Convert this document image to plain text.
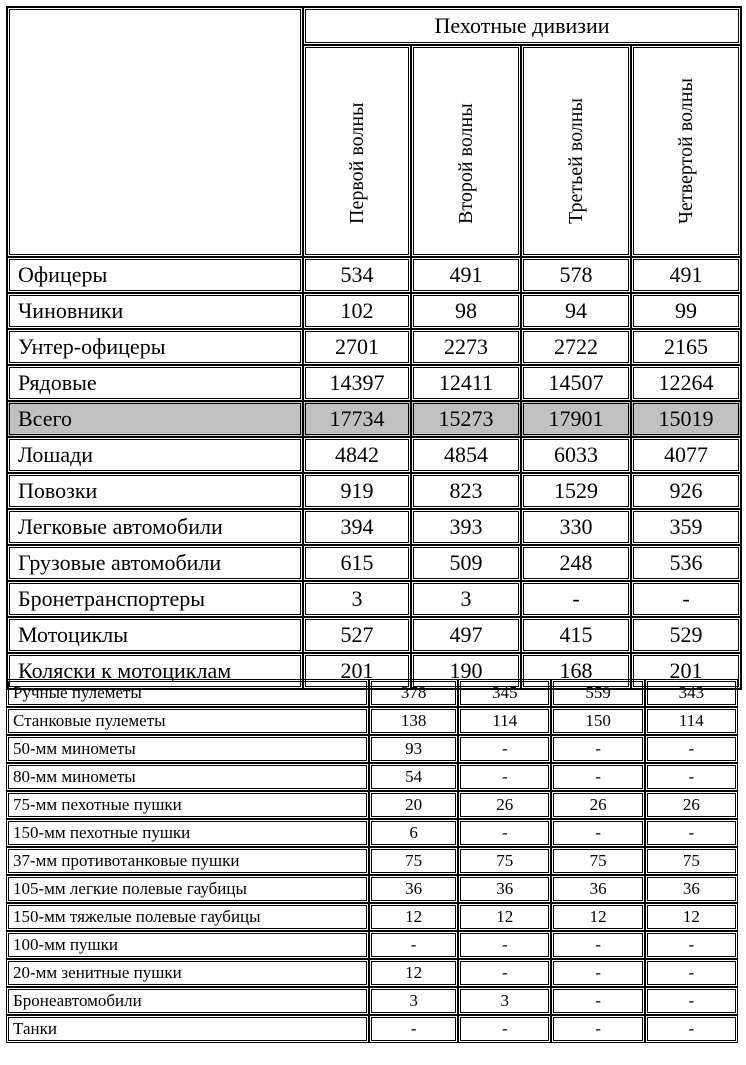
	Пехотные дивизии			

	Первой волны	Второй волны	Третьей волны	Четвертой волны

Офицеры	534	491	578	491
Чиновники	102	98	94	99
Унтер-офицеры	2701	2273	2722	2165
Рядовые	14397	12411	14507	12264
Всего	17734	15273	17901	15019
Лошади	4842	4854	6033	4077
Повозки	919	823	1529	926
Легковые автомобили	394	393	330	359
Грузовые автомобили	615	509	248	536
Бронетранспортеры	3	3	-	-
Мотоциклы	527	497	415	529
Коляски к мотоциклам	201	190	168	201
Ручные пулеметы	378	345	559	343
Станковые пулеметы	138	114	150	114
50-мм минометы	93	-	-	-
80-мм минометы	54	-	-	-
75-мм пехотные пушки	20	26	26	26
150-мм пехотные пушки	6	-	-	-
37-мм противотанковые пушки	75	75	75	75
105-мм легкие полевые гаубицы	36	36	36	36
150-мм тяжелые полевые гаубицы	12	12	12	12
100-мм пушки	-	-	-	-
20-мм зенитные пушки	12	-	-	-
Бронеавтомобили	3	3	-	-
Танки	-	-	-	-
